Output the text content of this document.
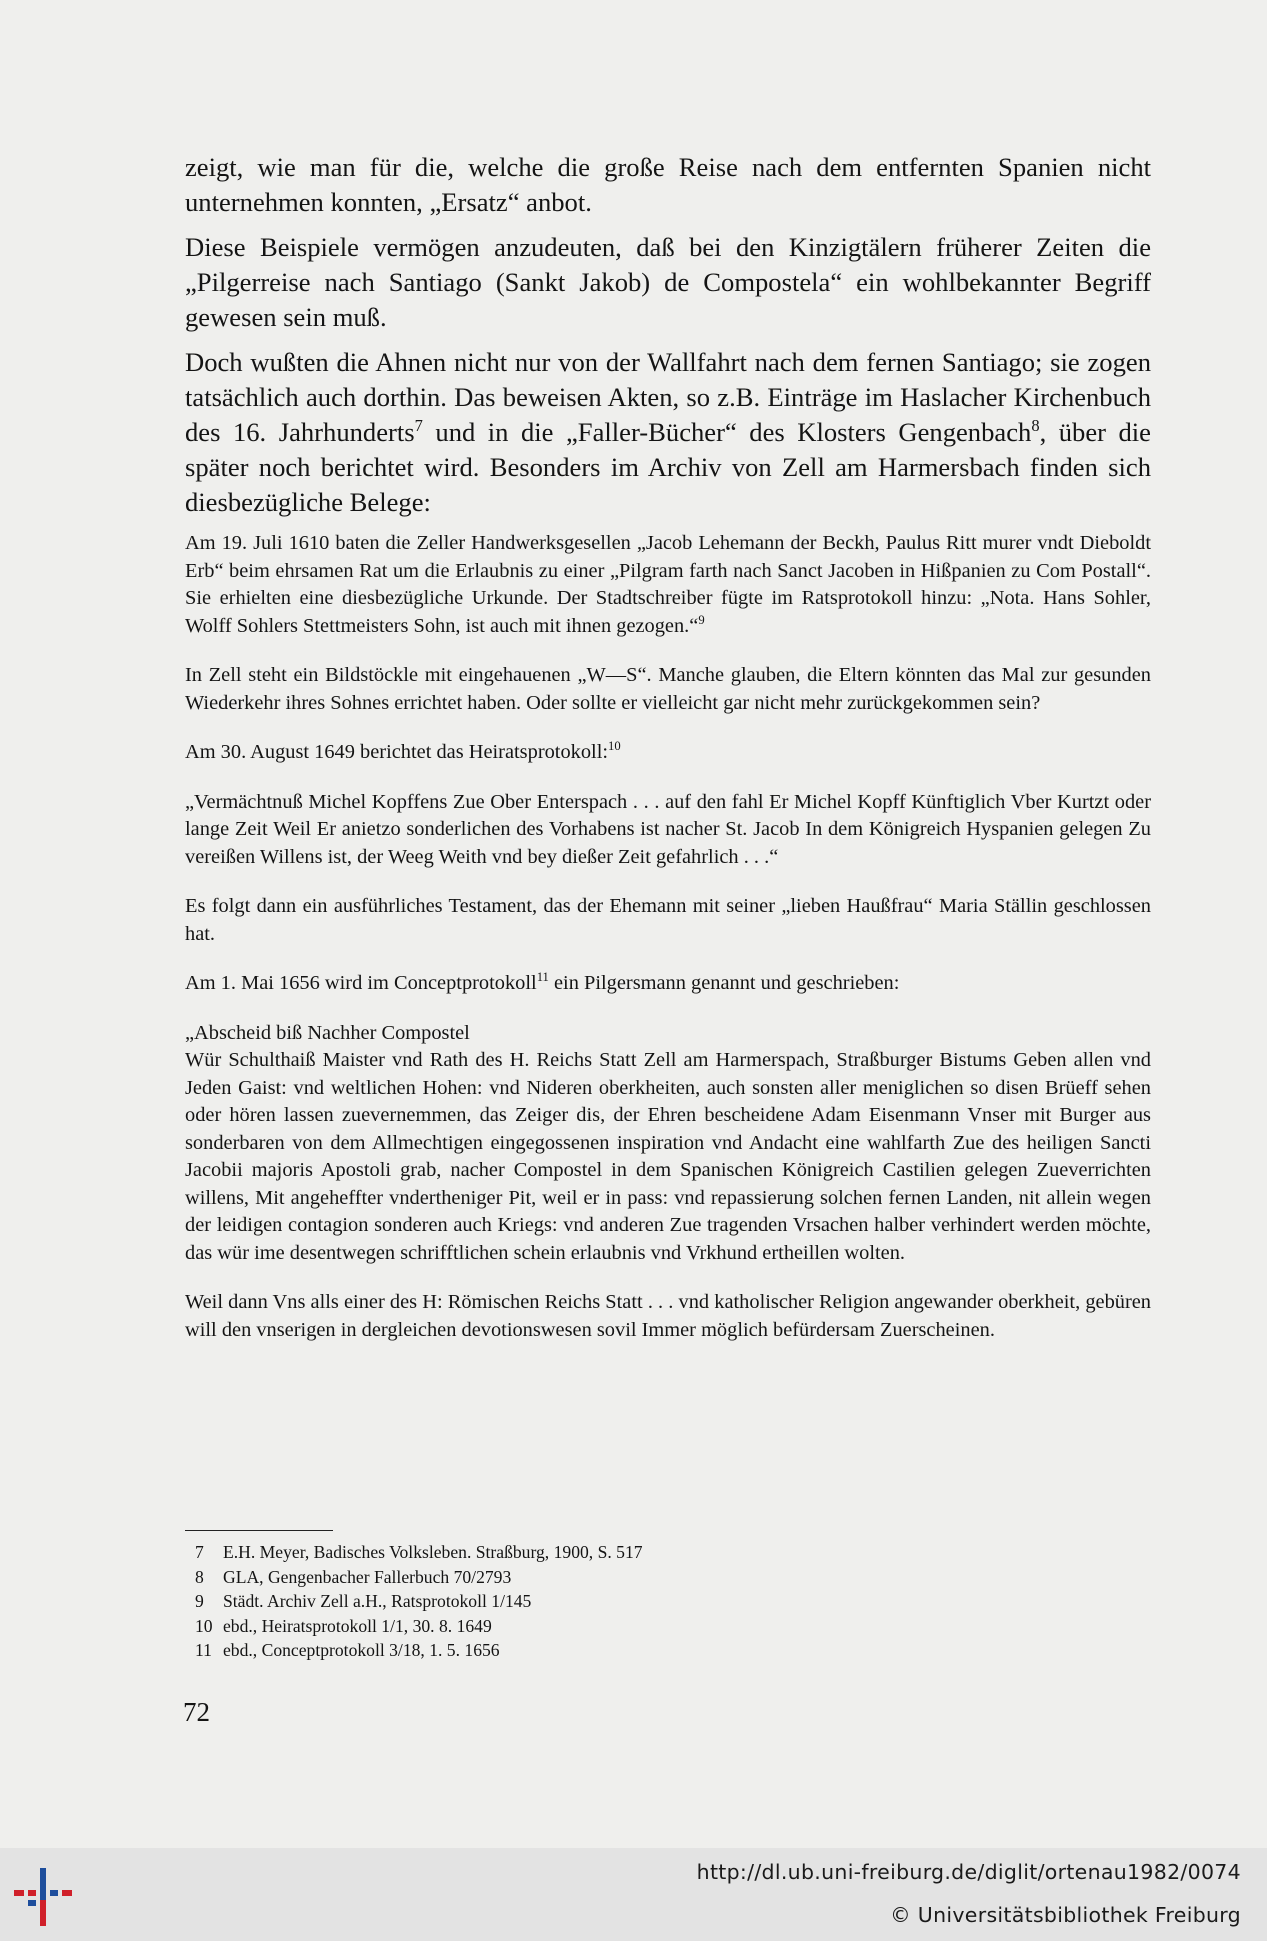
zeigt, wie man für die, welche die große Reise nach dem entfernten Spanien nicht unternehmen konnten, „Ersatz“ anbot.

Diese Beispiele vermögen anzudeuten, daß bei den Kinzigtälern früherer Zeiten die „Pilgerreise nach Santiago (Sankt Jakob) de Compostela“ ein wohlbekannter Begriff gewesen sein muß.

Doch wußten die Ahnen nicht nur von der Wallfahrt nach dem fernen Santiago; sie zogen tatsächlich auch dorthin. Das beweisen Akten, so z.B. Einträge im Haslacher Kirchenbuch des 16. Jahrhunderts$^7$ und in die „Faller-Bücher“ des Klosters Gengenbach$^8$, über die später noch berichtet wird. Besonders im Archiv von Zell am Harmersbach finden sich diesbezügliche Belege:

Am 19. Juli 1610 baten die Zeller Handwerksgesellen „Jacob Lehemann der Beckh, Paulus Ritt murer vndt Dieboldt Erb“ beim ehrsamen Rat um die Erlaubnis zu einer „Pilgram farth nach Sanct Jacoben in Hißpanien zu Com Postall“. Sie erhielten eine diesbezügliche Urkunde. Der Stadtschreiber fügte im Ratsprotokoll hinzu: „Nota. Hans Sohler, Wolff Sohlers Stettmeisters Sohn, ist auch mit ihnen gezogen.“$^9$

In Zell steht ein Bildstöckle mit eingehauenen „W—S“. Manche glauben, die Eltern könnten das Mal zur gesunden Wiederkehr ihres Sohnes errichtet haben. Oder sollte er vielleicht gar nicht mehr zurückgekommen sein?

Am 30. August 1649 berichtet das Heiratsprotokoll:$^{10}$

„Vermächtnuß Michel Kopffens Zue Ober Enterspach . . . auf den fahl Er Michel Kopff Künftiglich Vber Kurtzt oder lange Zeit Weil Er anietzo sonderlichen des Vorhabens ist nacher St. Jacob In dem Königreich Hyspanien gelegen Zu vereißen Willens ist, der Weeg Weith vnd bey dießer Zeit gefahrlich . . .“

Es folgt dann ein ausführliches Testament, das der Ehemann mit seiner „lieben Haußfrau“ Maria Ställin geschlossen hat.

Am 1. Mai 1656 wird im Conceptprotokoll$^{11}$ ein Pilgersmann genannt und geschrieben:

„Abscheid biß Nachher Compostel

Wür Schulthaiß Maister vnd Rath des H. Reichs Statt Zell am Harmerspach, Straßburger Bistums Geben allen vnd Jeden Gaist: vnd weltlichen Hohen: vnd Nideren oberkheiten, auch sonsten aller meniglichen so disen Brüeff sehen oder hören lassen zuevernemmen, das Zeiger dis, der Ehren bescheidene Adam Eisenmann Vnser mit Burger aus sonderbaren von dem Allmechtigen eingegossenen inspiration vnd Andacht eine wahlfarth Zue des heiligen Sancti Jacobii majoris Apostoli grab, nacher Compostel in dem Spanischen Königreich Castilien gelegen Zueverrichten willens, Mit angeheffter vndertheniger Pit, weil er in pass: vnd repassierung solchen fernen Landen, nit allein wegen der leidigen contagion sonderen auch Kriegs: vnd anderen Zue tragenden Vrsachen halber verhindert werden möchte, das wür ime desentwegen schrifftlichen schein erlaubnis vnd Vrkhund ertheillen wolten.

Weil dann Vns alls einer des H: Römischen Reichs Statt . . . vnd katholischer Religion angewander oberkheit, gebüren will den vnserigen in dergleichen devotionswesen sovil Immer möglich befürdersam Zuerscheinen.

7	E.H. Meyer, Badisches Volksleben. Straßburg, 1900, S. 517
8	GLA, Gengenbacher Fallerbuch 70/2793
9	Städt. Archiv Zell a.H., Ratsprotokoll 1/145
10 ebd., Heiratsprotokoll 1/1, 30. 8. 1649
11 ebd., Conceptprotokoll 3/18, 1. 5. 1656
72
http://dl.ub.uni-freiburg.de/diglit/ortenau1982/0074
© Universitätsbibliothek Freiburg
